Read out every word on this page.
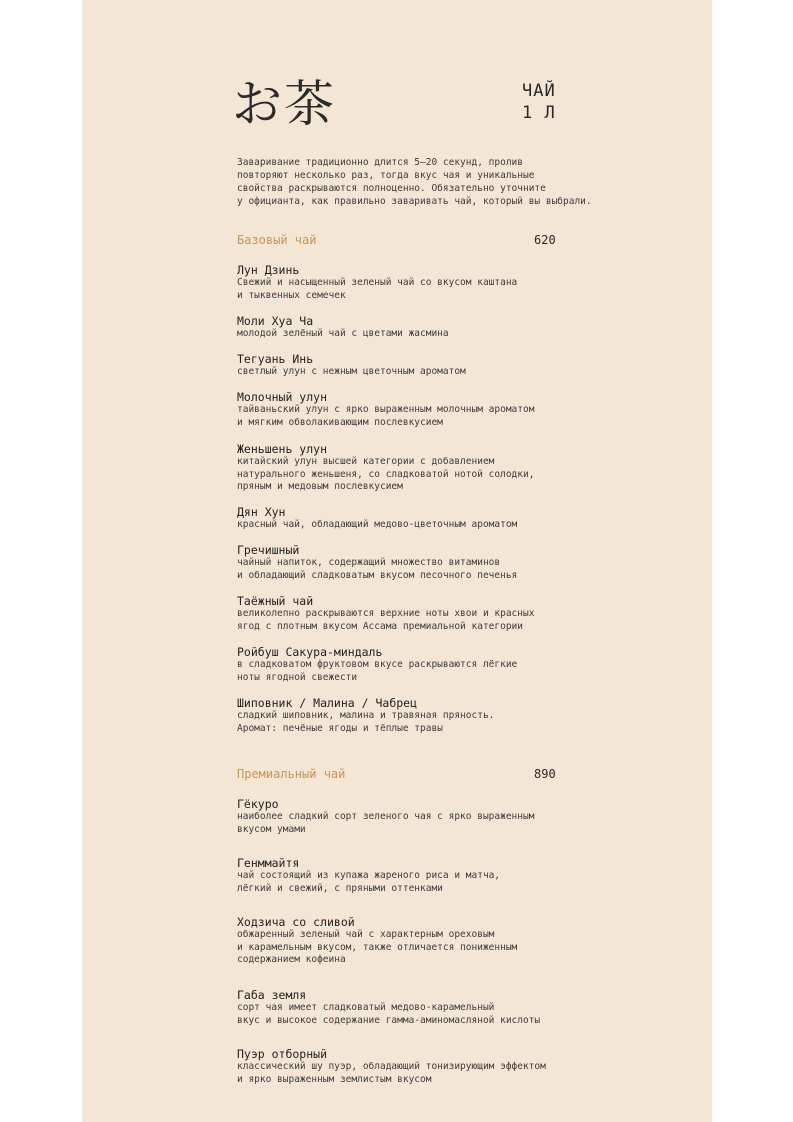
お茶	ЧАЙ
1 Л
Заваривание традиционно длится 5–20 секунд, пролив
повторяют несколько раз, тогда вкус чая и уникальные
свойства раскрываются полноценно. Обязательно уточните
у официанта, как правильно заваривать чай, который вы выбрали.
Базовый чай	620
Лун Дзинь
Свежий и насыщенный зеленый чай со вкусом каштана
и тыквенных семечек
Моли Хуа Ча
молодой зелёный чай с цветами жасмина
Тегуань Инь
светлый улун с нежным цветочным ароматом
Молочный улун
тайваньский улун с ярко выраженным молочным ароматом
и мягким обволакивающим послевкусием
Женьшень улун
китайский улун высшей категории с добавлением
натурального женьшеня, со сладковатой нотой солодки,
пряным и медовым послевкусием
Дян Хун
красный чай, обладающий медово-цветочным ароматом
Гречишный
чайный напиток, содержащий множество витаминов
и обладающий сладковатым вкусом песочного печенья
Таёжный чай
великолепно раскрываются верхние ноты хвои и красных
ягод с плотным вкусом Ассама премиальной категории
Ройбуш Сакура-миндаль
в сладковатом фруктовом вкусе раскрываются лёгкие
ноты ягодной свежести
Шиповник / Малина / Чабрец
сладкий шиповник, малина и травяная пряность.
Аромат: печёные ягоды и тёплые травы
Премиальный чай	890
Гёкуро
наиболее сладкий сорт зеленого чая с ярко выраженным
вкусом умами
Генммайтя
чай состоящий из купажа жареного риса и матча,
лёгкий и свежий, с пряными оттенками
Ходзича со сливой
обжаренный зеленый чай с характерным ореховым
и карамельным вкусом, также отличается пониженным
содержанием кофеина
Габа земля
сорт чая имеет сладковатый медово-карамельный
вкус и высокое содержание гамма-аминомасляной кислоты
Пуэр отборный
классический шу пуэр, обладающий тонизирующим эффектом
и ярко выраженным землистым вкусом
